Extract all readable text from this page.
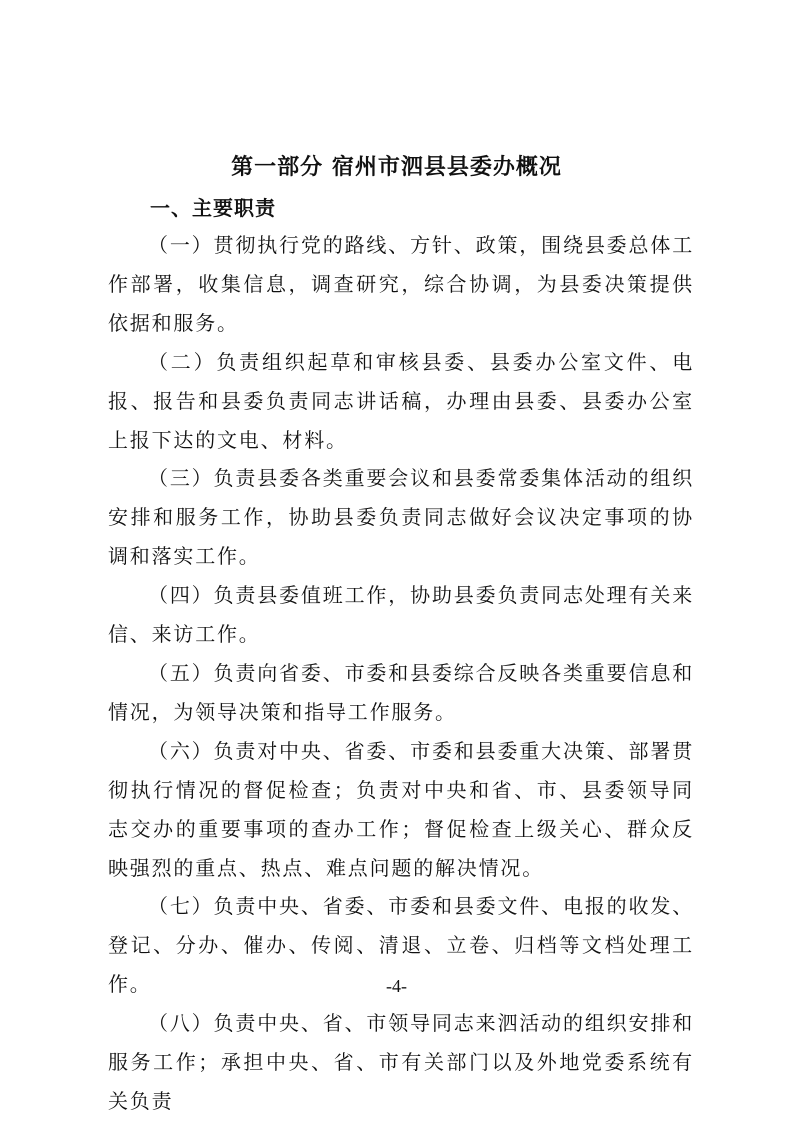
第一部分 宿州市泗县县委办概况
一、主要职责

（一）贯彻执行党的路线、方针、政策，围绕县委总体工作部署，收集信息，调查研究，综合协调，为县委决策提供依据和服务。

（二）负责组织起草和审核县委、县委办公室文件、电报、报告和县委负责同志讲话稿，办理由县委、县委办公室上报下达的文电、材料。

（三）负责县委各类重要会议和县委常委集体活动的组织安排和服务工作，协助县委负责同志做好会议决定事项的协调和落实工作。

（四）负责县委值班工作，协助县委负责同志处理有关来信、来访工作。

（五）负责向省委、市委和县委综合反映各类重要信息和情况，为领导决策和指导工作服务。

（六）负责对中央、省委、市委和县委重大决策、部署贯彻执行情况的督促检查；负责对中央和省、市、县委领导同志交办的重要事项的查办工作；督促检查上级关心、群众反映强烈的重点、热点、难点问题的解决情况。

（七）负责中央、省委、市委和县委文件、电报的收发、登记、分办、催办、传阅、清退、立卷、归档等文档处理工作。

（八）负责中央、省、市领导同志来泗活动的组织安排和服务工作；承担中央、省、市有关部门以及外地党委系统有关负责

-4-
